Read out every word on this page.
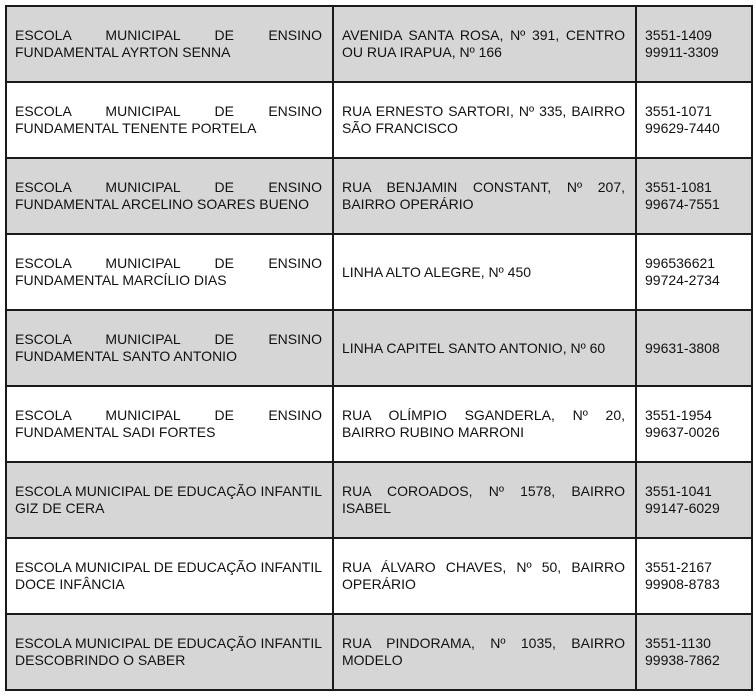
ESCOLA MUNICIPAL DE ENSINO FUNDAMENTAL AYRTON SENNA	AVENIDA SANTA ROSA, Nº 391, CENTRO OU RUA IRAPUA, Nº 166	3551-1409
99911-3309

ESCOLA MUNICIPAL DE ENSINO FUNDAMENTAL TENENTE PORTELA	RUA ERNESTO SARTORI, Nº 335, BAIRRO SÃO FRANCISCO	3551-1071
99629-7440

ESCOLA MUNICIPAL DE ENSINO FUNDAMENTAL ARCELINO SOARES BUENO	RUA BENJAMIN CONSTANT, Nº 207, BAIRRO OPERÁRIO	3551-1081
99674-7551

ESCOLA MUNICIPAL DE ENSINO FUNDAMENTAL MARCÍLIO DIAS	LINHA ALTO ALEGRE, Nº 450	996536621
99724-2734

ESCOLA MUNICIPAL DE ENSINO FUNDAMENTAL SANTO ANTONIO	LINHA CAPITEL SANTO ANTONIO, Nº 60	99631-3808

ESCOLA MUNICIPAL DE ENSINO FUNDAMENTAL SADI FORTES	RUA OLÍMPIO SGANDERLA, Nº 20, BAIRRO RUBINO MARRONI	3551-1954
99637-0026

ESCOLA MUNICIPAL DE EDUCAÇÃO INFANTIL GIZ DE CERA	RUA COROADOS, Nº 1578, BAIRRO ISABEL	3551-1041
99147-6029

ESCOLA MUNICIPAL DE EDUCAÇÃO INFANTIL DOCE INFÂNCIA	RUA ÁLVARO CHAVES, Nº 50, BAIRRO OPERÁRIO	3551-2167
99908-8783

ESCOLA MUNICIPAL DE EDUCAÇÃO INFANTIL DESCOBRINDO O SABER	RUA PINDORAMA, Nº 1035, BAIRRO MODELO	3551-1130
99938-7862
